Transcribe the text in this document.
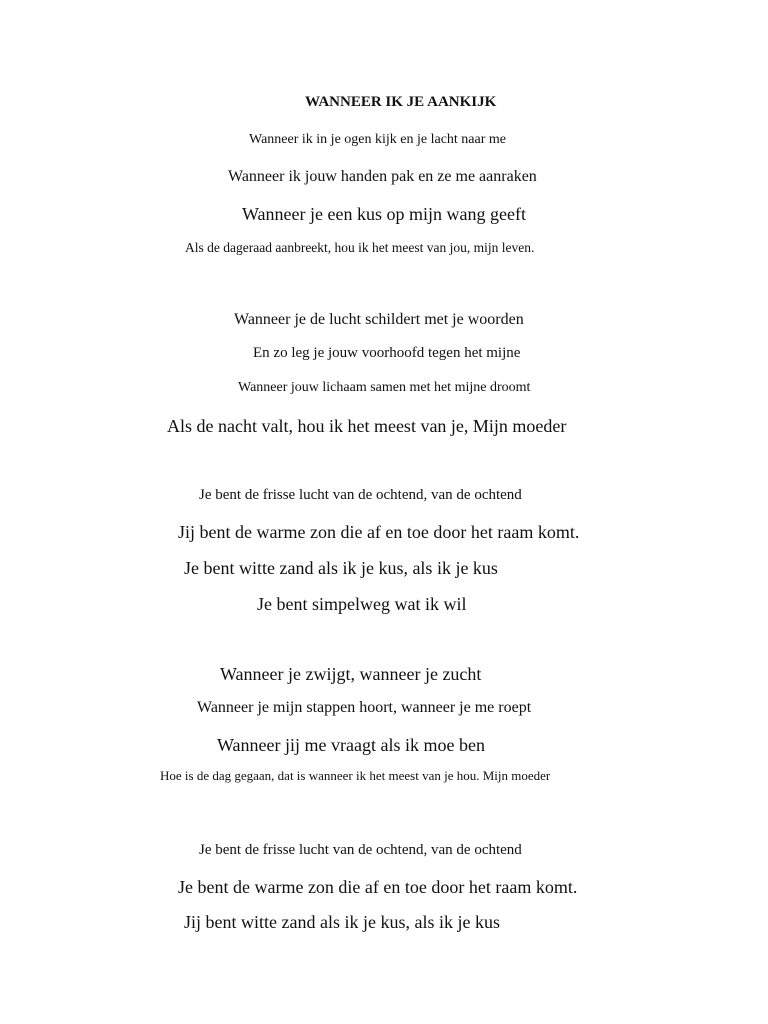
WANNEER IK JE AANKIJK
Wanneer ik in je ogen kijk en je lacht naar me
Wanneer ik jouw handen pak en ze me aanraken
Wanneer je een kus op mijn wang geeft
Als de dageraad aanbreekt, hou ik het meest van jou, mijn leven.
Wanneer je de lucht schildert met je woorden
En zo leg je jouw voorhoofd tegen het mijne
Wanneer jouw lichaam samen met het mijne droomt
Als de nacht valt, hou ik het meest van je, Mijn moeder
Je bent de frisse lucht van de ochtend, van de ochtend
Jij bent de warme zon die af en toe door het raam komt.
Je bent witte zand als ik je kus, als ik je kus
Je bent simpelweg wat ik wil
Wanneer je zwijgt, wanneer je zucht
Wanneer je mijn stappen hoort, wanneer je me roept
Wanneer jij me vraagt als ik moe ben
Hoe is de dag gegaan, dat is wanneer ik het meest van je hou. Mijn moeder
Je bent de frisse lucht van de ochtend, van de ochtend
Je bent de warme zon die af en toe door het raam komt.
Jij bent witte zand als ik je kus, als ik je kus
